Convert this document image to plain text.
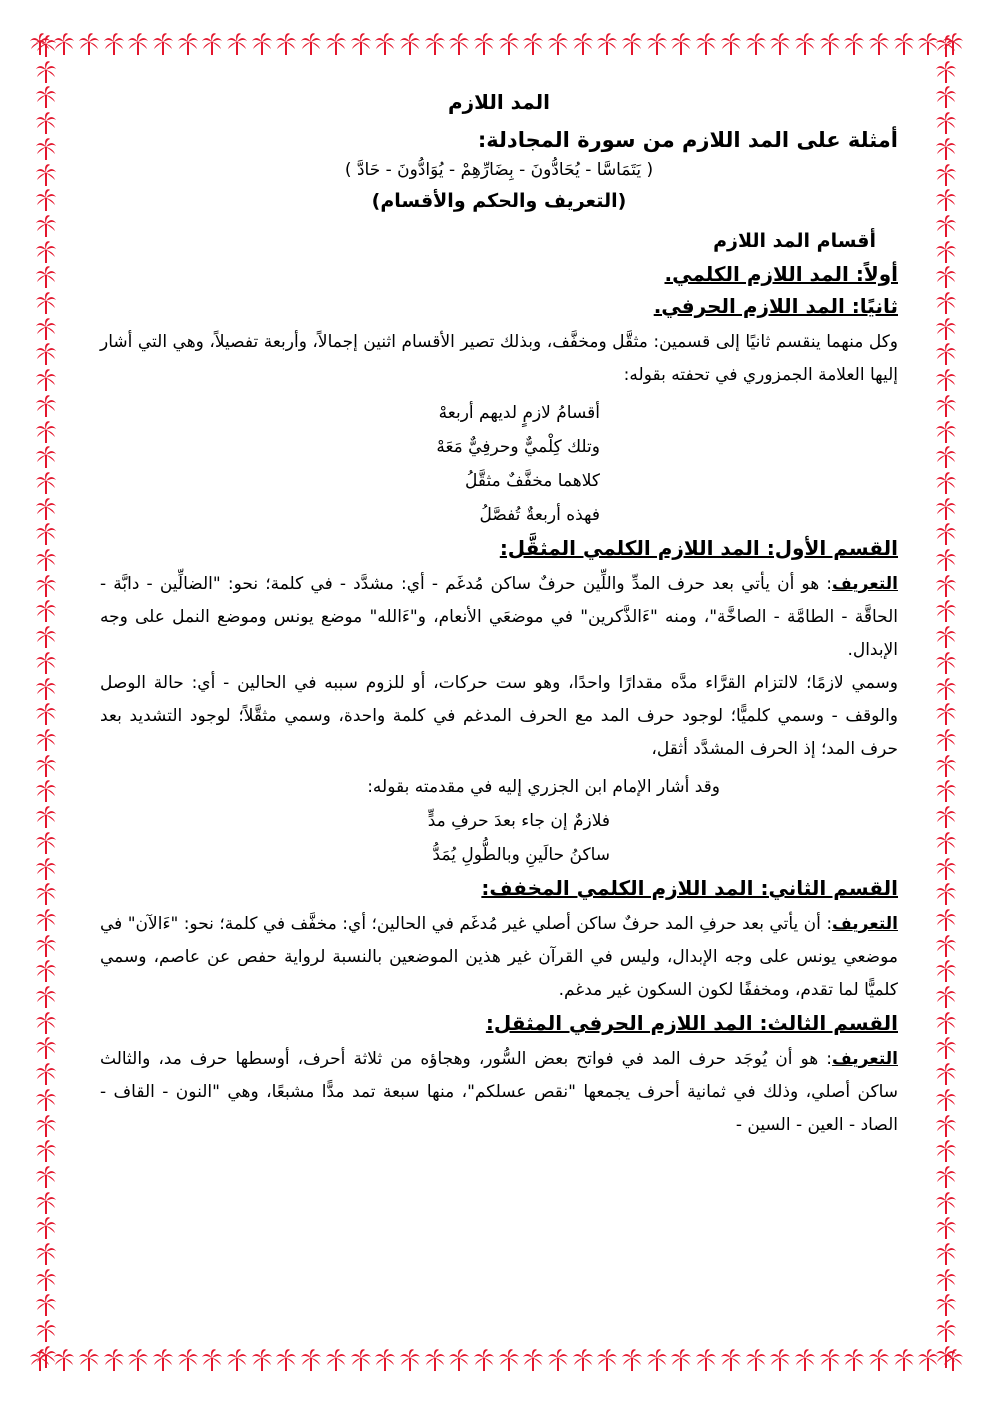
المد اللازم
أمثلة على المد اللازم من سورة المجادلة:
( يَتَمَاسَّا - يُحَادُّونَ - بِضَارِّهِمْ - يُوَادُّونَ - حَادَّ )
(التعريف والحكم والأقسام)
أقسام المد اللازم
أولاً: المد اللازم الكلمي.
ثانيًا: المد اللازم الحرفي.

وكل منهما ينقسم ثانيًا إلى قسمين: مثقَّل ومخفَّف، وبذلك تصير الأقسام اثنين إجمالاً، وأربعة تفصيلاً، وهي التي أشار إليها العلامة الجمزوري في تحفته بقوله:

أقسامُ لازمٍ لديهم أربعهْ
وتلك كِلْميٌّ وحرفِيٌّ مَعَهْ
كلاهما مخفَّفٌ مثقَّلُ
فهذه أربعةٌ تُفصَّلُ
القسم الأول: المد اللازم الكلمي المثقَّل:

التعريف: هو أن يأتي بعد حرف المدِّ واللِّين حرفٌ ساكن مُدغَم - أي: مشدَّد - في كلمة؛ نحو: "الضالِّين - دابَّة - الحاقَّة - الطامَّة - الصاخَّة"، ومنه "ءَالذَّكرين" في موضعَي الأنعام، و"ءَالله" موضع يونس وموضع النمل على وجه الإبدال.

وسمي لازمًا؛ لالتزام القرَّاء مدَّه مقدارًا واحدًا، وهو ست حركات، أو للزوم سببه في الحالين - أي: حالة الوصل والوقف - وسمي كلميًّا؛ لوجود حرف المد مع الحرف المدغم في كلمة واحدة، وسمي مثقَّلاً؛ لوجود التشديد بعد حرف المد؛ إذ الحرف المشدَّد أثقل،

وقد أشار الإمام ابن الجزري إليه في مقدمته بقوله:
فلازمٌ إن جاء بعدَ حرفِ مدٍّ
ساكنُ حالَينِ وبالطُّولِ يُمَدُّ
القسم الثاني: المد اللازم الكلمي المخفف:

التعريف: أن يأتي بعد حرفِ المد حرفٌ ساكن أصلي غير مُدغَم في الحالين؛ أي: مخفَّف في كلمة؛ نحو: "ءَالآن" في موضعي يونس على وجه الإبدال، وليس في القرآن غير هذين الموضعين بالنسبة لرواية حفص عن عاصم، وسمي كلميًّا لما تقدم، ومخففًا لكون السكون غير مدغم.

القسم الثالث: المد اللازم الحرفي المثقل:

التعريف: هو أن يُوجَد حرف المد في فواتح بعض السُّور، وهجاؤه من ثلاثة أحرف، أوسطها حرف مد، والثالث ساكن أصلي، وذلك في ثمانية أحرف يجمعها "نقص عسلكم"، منها سبعة تمد مدًّا مشبعًا، وهي "النون - القاف - الصاد - العين - السين -
